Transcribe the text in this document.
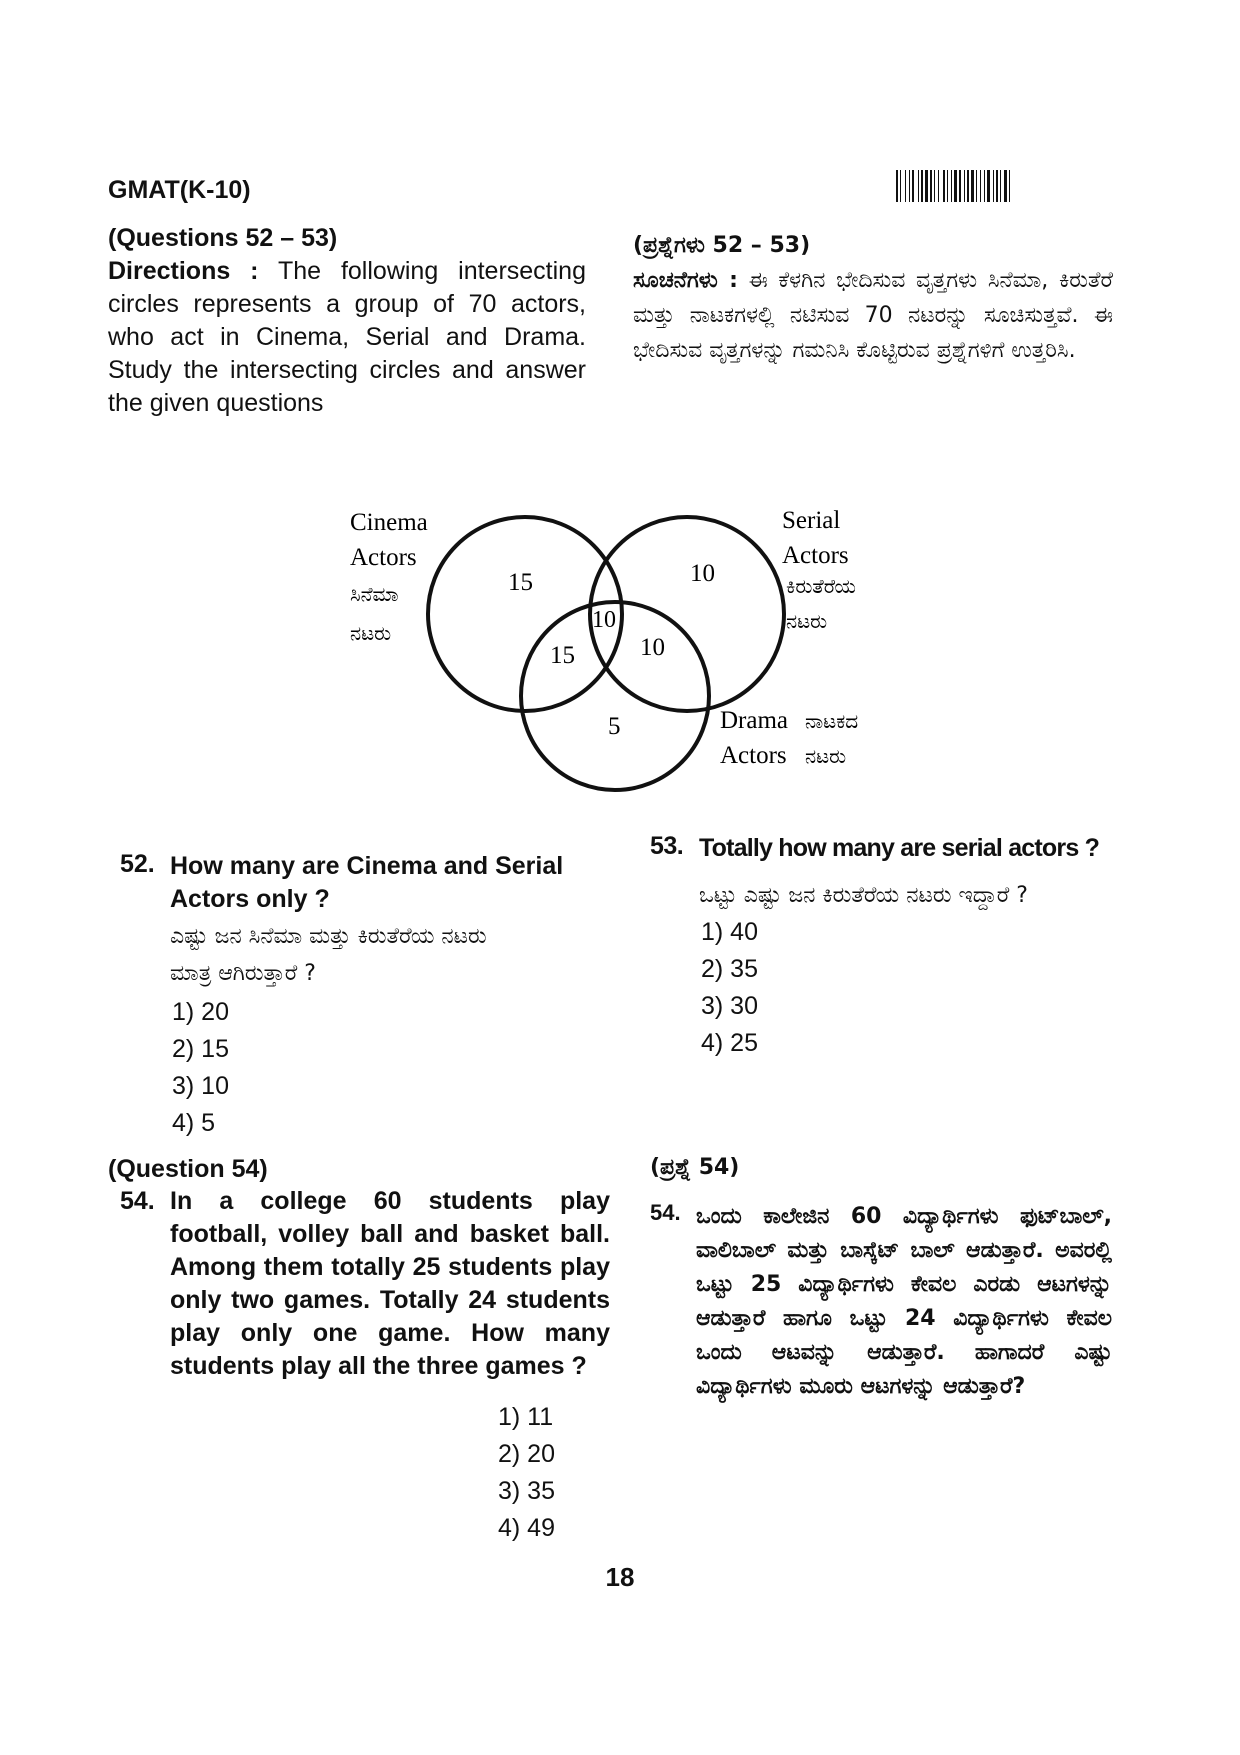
GMAT(K-10)
(Questions 52 – 53)

Directions : The following intersecting circles represents a group of 70 actors, who act in Cinema, Serial and Drama. Study the intersecting circles and answer the given questions

(ಪ್ರಶ್ನೆಗಳು 52 – 53)

ಸೂಚನೆಗಳು : ಈ ಕೆಳಗಿನ ಭೇದಿಸುವ ವೃತ್ತಗಳು ಸಿನೆಮಾ, ಕಿರುತೆರೆ ಮತ್ತು ನಾಟಕಗಳಲ್ಲಿ ನಟಿಸುವ 70 ನಟರನ್ನು ಸೂಚಿಸುತ್ತವೆ. ಈ ಭೇದಿಸುವ ವೃತ್ತಗಳನ್ನು ಗಮನಿಸಿ ಕೊಟ್ಟಿರುವ ಪ್ರಶ್ನೆಗಳಿಗೆ ಉತ್ತರಿಸಿ.

Cinema
Actors
ಸಿನೆಮಾ
ನಟರು
Serial
Actors
ಕಿರುತೆರೆಯ
ನಟರು
Drama ನಾಟಕದ
Actors ನಟರು
15	10
10
15	10
5
52. How many are Cinema and Serial
Actors only ?
ಎಷ್ಟು ಜನ ಸಿನೆಮಾ ಮತ್ತು ಕಿರುತೆರೆಯ ನಟರು
ಮಾತ್ರ ಆಗಿರುತ್ತಾರೆ ?
1) 20
2) 15
3) 10
4) 5
53. Totally how many are serial actors ?
ಒಟ್ಟು ಎಷ್ಟು ಜನ ಕಿರುತೆರೆಯ ನಟರು ಇದ್ದಾರೆ ?
1) 40
2) 35
3) 30
4) 25
(Question 54)	(ಪ್ರಶ್ನೆ 54)
54. In a college 60 students play football, volley ball and basket ball. Among them totally 25 students play only two games. Totally 24 students play only one game. How many students play all the three games ?
1) 11
2) 20
3) 35
4) 49
54. ಒಂದು ಕಾಲೇಜಿನ 60 ವಿದ್ಯಾರ್ಥಿಗಳು ಫುಟ್‌ಬಾಲ್, ವಾಲಿಬಾಲ್ ಮತ್ತು ಬಾಸ್ಕೆಟ್ ಬಾಲ್ ಆಡುತ್ತಾರೆ. ಅವರಲ್ಲಿ ಒಟ್ಟು 25 ವಿದ್ಯಾರ್ಥಿಗಳು ಕೇವಲ ಎರಡು ಆಟಗಳನ್ನು ಆಡುತ್ತಾರೆ ಹಾಗೂ ಒಟ್ಟು 24 ವಿದ್ಯಾರ್ಥಿಗಳು ಕೇವಲ ಒಂದು ಆಟವನ್ನು ಆಡುತ್ತಾರೆ. ಹಾಗಾದರೆ ಎಷ್ಟು ವಿದ್ಯಾರ್ಥಿಗಳು ಮೂರು ಆಟಗಳನ್ನು ಆಡುತ್ತಾರೆ?
18
